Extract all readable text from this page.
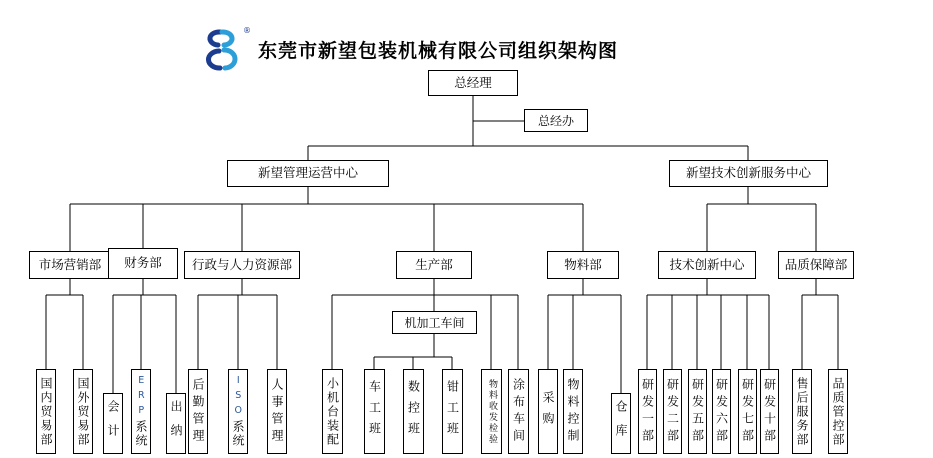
®
东莞市新望包装机械有限公司组织架构图
总经理
总经办
新望管理运营中心	新望技术创新服务中心
市场营销部	财务部	行政与人力资源部	生产部	物料部	技术创新中心	品质保障部
机加工车间
国内贸易部 国外贸易部 会计
ERP
系统 出纳 后勤管理	ISO
系统 人事管理	小机台装配 车工班 数控班 钳工班	物料收发检验	涂布车间 采购 物料控制	仓库 研发一部 研发二部 研发五部 研发六部 研发七部 研发十部 售后服务部 品质管控部
